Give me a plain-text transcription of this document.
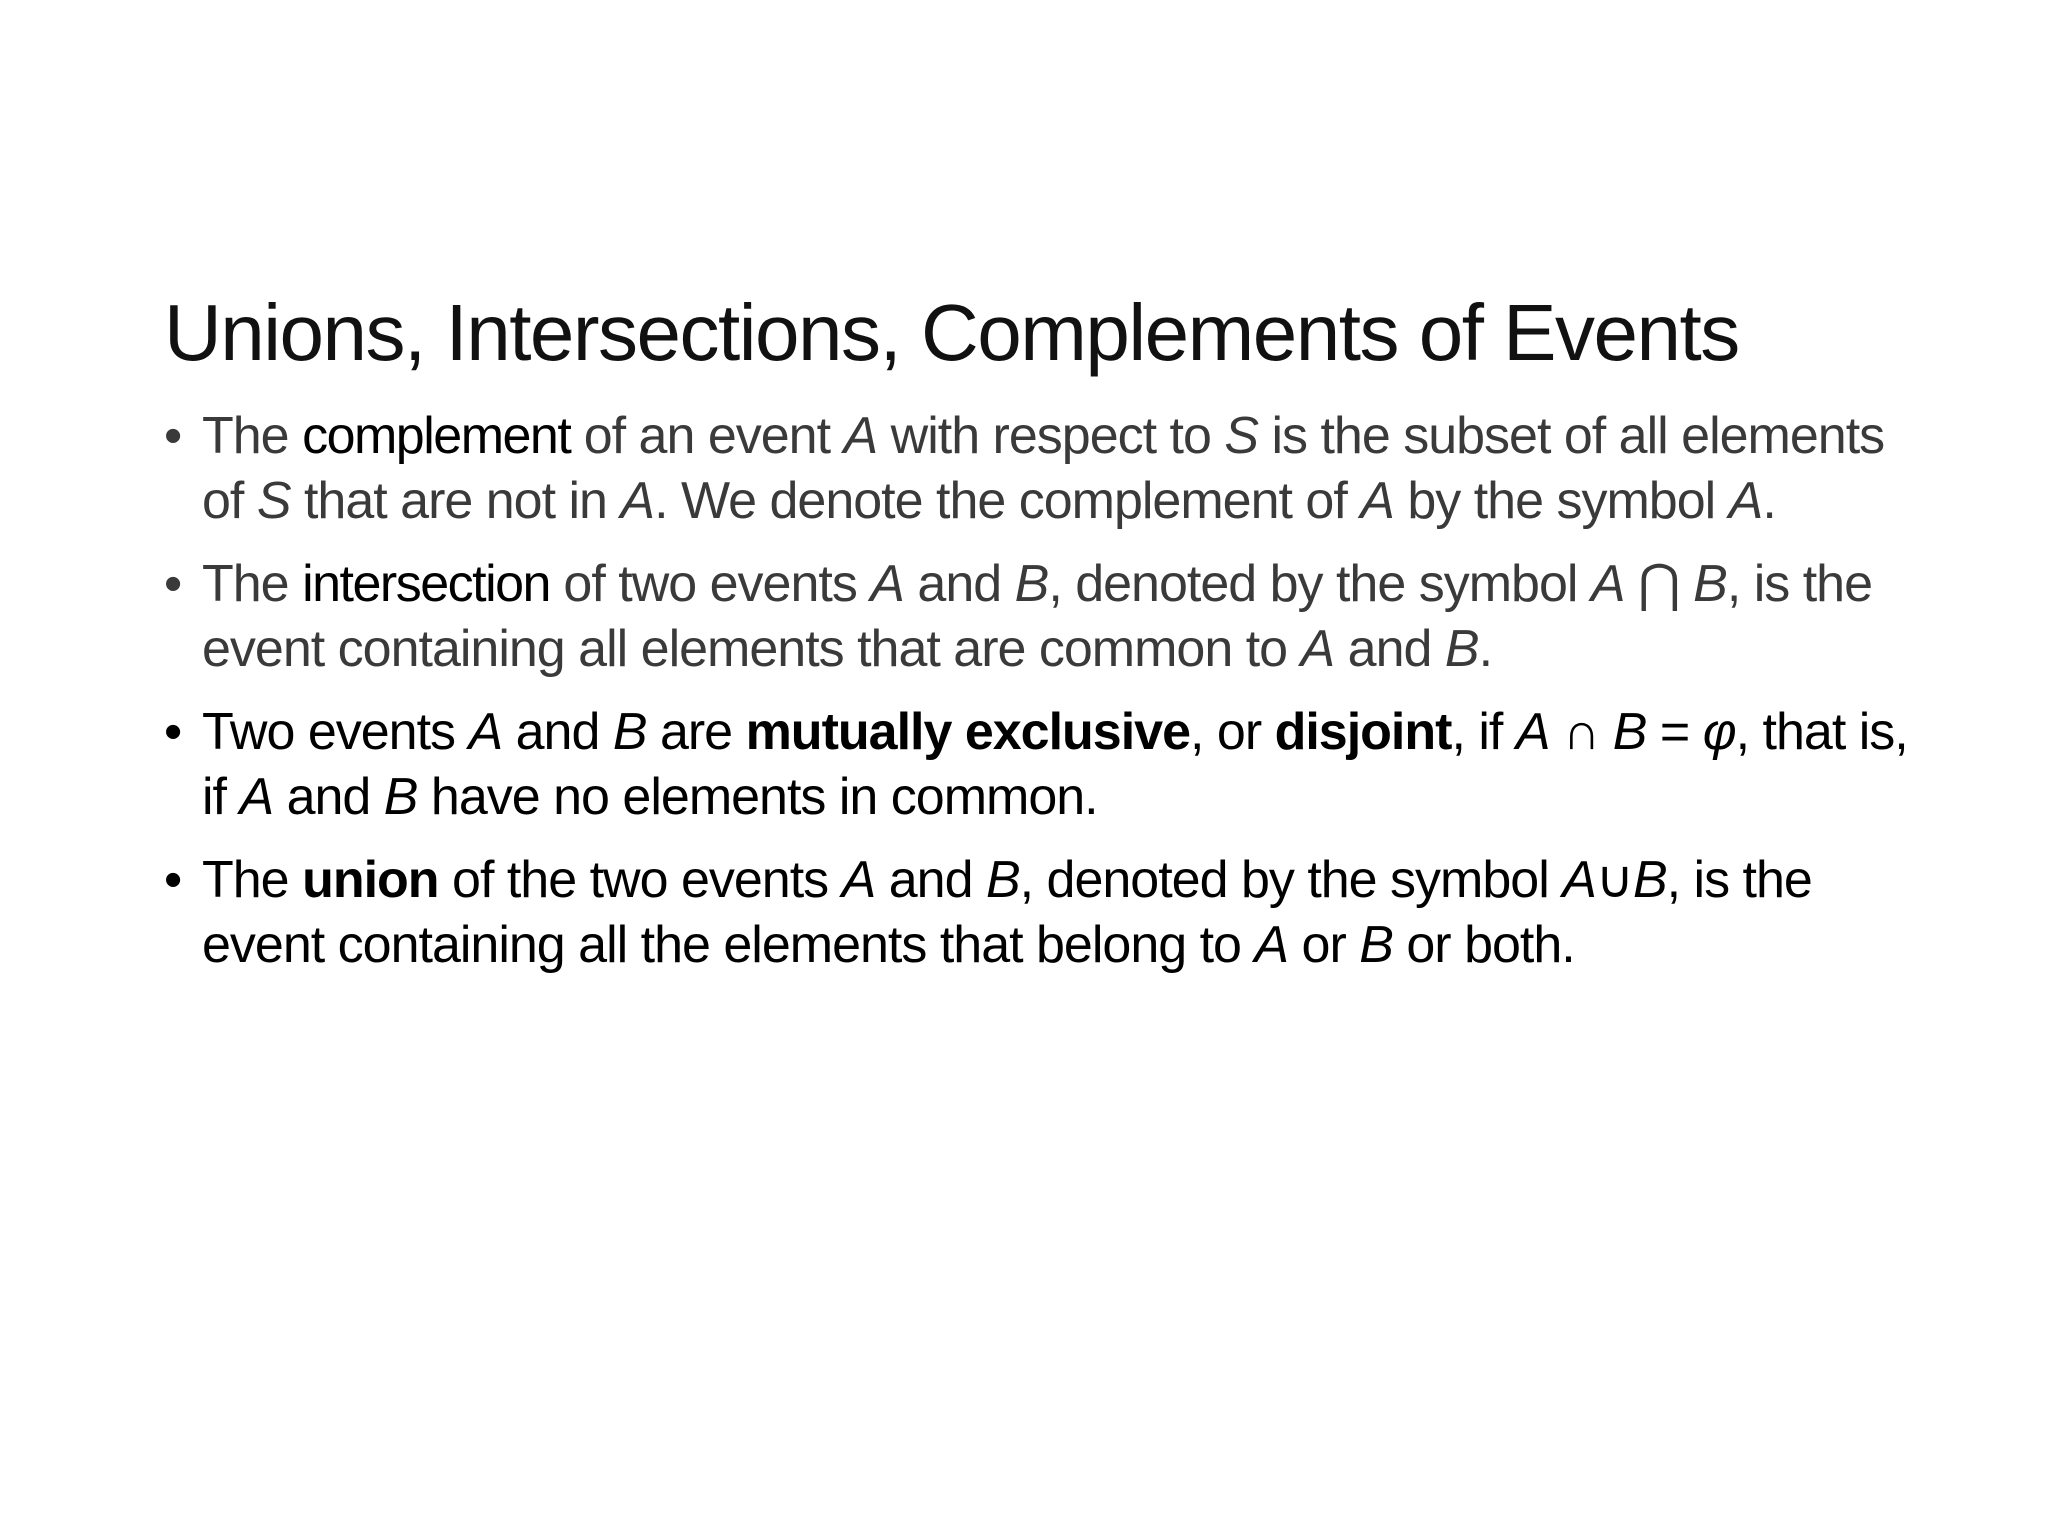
Unions, Intersections, Complements of Events
• The complement of an event A with respect to S is the subset of all elements of S that are not in A. We denote the complement of A by the symbol A.
• The intersection of two events A and B, denoted by the symbol A ⋂ B, is the event containing all elements that are common to A and B.
• Two events A and B are mutually exclusive, or disjoint, if A ∩ B = φ, that is, if A and B have no elements in common.
• The union of the two events A and B, denoted by the symbol A∪B, is the event containing all the elements that belong to A or B or both.
